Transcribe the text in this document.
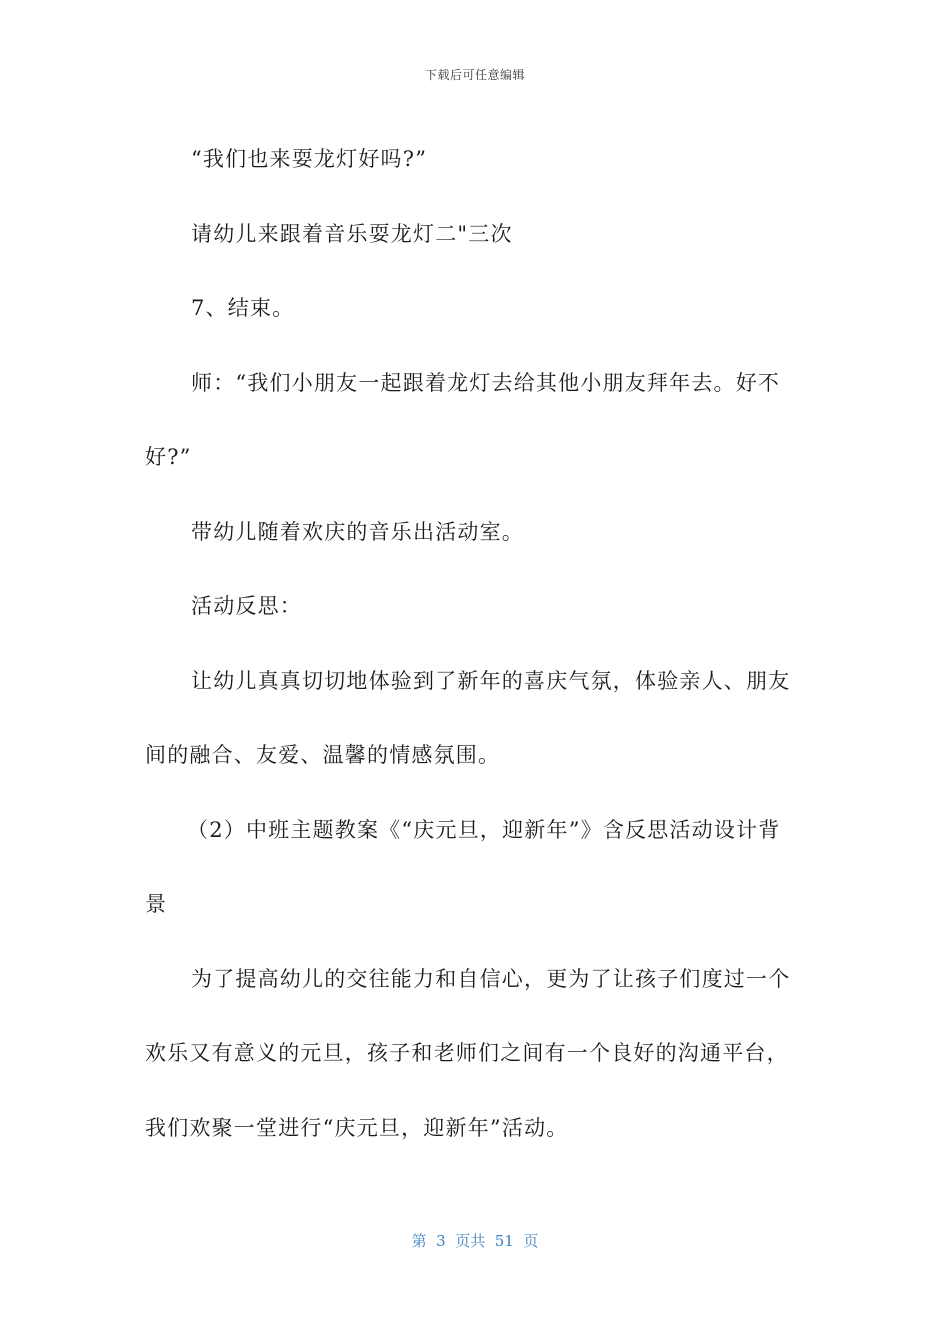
下载后可任意编辑
“我们也来耍龙灯好吗?”
请幼儿来跟着音乐耍龙灯二"三次
7、结束。
师：“我们小朋友一起跟着龙灯去给其他小朋友拜年去。好不
好?”
带幼儿随着欢庆的音乐出活动室。
活动反思：
让幼儿真真切切地体验到了新年的喜庆气氛，体验亲人、朋友
间的融合、友爱、温馨的情感氛围。
（2）中班主题教案《“庆元旦，迎新年”》含反思活动设计背
景
为了提高幼儿的交往能力和自信心，更为了让孩子们度过一个
欢乐又有意义的元旦，孩子和老师们之间有一个良好的沟通平台，
我们欢聚一堂进行“庆元旦，迎新年”活动。
第  3  页共  51  页
